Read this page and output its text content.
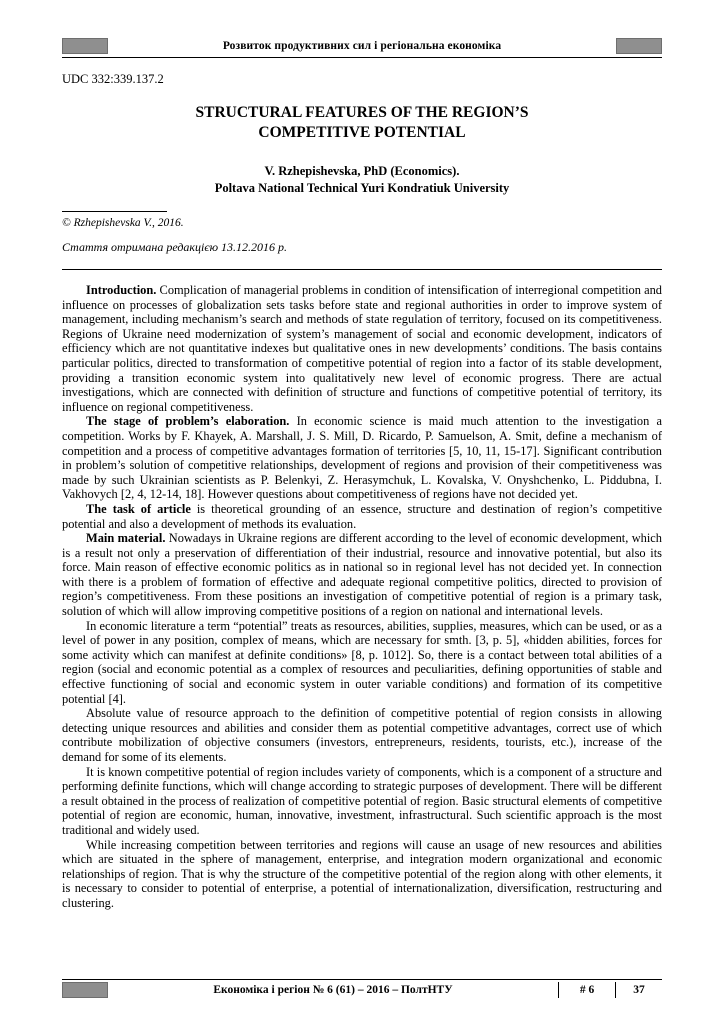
Розвиток продуктивних сил і регіональна економіка
UDC 332:339.137.2
STRUCTURAL FEATURES OF THE REGION’S
COMPETITIVE POTENTIAL
V. Rzhepishevska, PhD (Economics).
Poltava National Technical Yuri Kondratiuk University
© Rzhepishevska V., 2016.
Стаття отримана редакцією 13.12.2016 р.

Introduction. Complication of managerial problems in condition of intensification of interregional competition and influence on processes of globalization sets tasks before state and regional authorities in order to improve system of management, including mechanism’s search and methods of state regulation of territory, focused on its competitiveness. Regions of Ukraine need modernization of system’s management of social and economic development, indicators of efficiency which are not quantitative indexes but qualitative ones in new developments’ conditions. The basis contains particular politics, directed to transformation of competitive potential of region into a factor of its stable development, providing a transition economic system into qualitatively new level of economic progress. There are actual investigations, which are connected with definition of structure and functions of competitive potential of territory, its influence on regional competitiveness.

The stage of problem’s elaboration. In economic science is maid much attention to the investigation a competition. Works by F. Khayek, A. Marshall, J. S. Mill, D. Ricardo, P. Samuelson, A. Smit, define a mechanism of competition and a process of competitive advantages formation of territories [5, 10, 11, 15-17]. Significant contribution in problem’s solution of competitive relationships, development of regions and provision of their competitiveness was made by such Ukrainian scientists as P. Belenkyi, Z. Herasymchuk, L. Kovalska, V. Onyshchenko, L. Piddubna, I. Vakhovych [2, 4, 12-14, 18]. However questions about competitiveness of regions have not decided yet.

The task of article is theoretical grounding of an essence, structure and destination of region’s competitive potential and also a development of methods its evaluation.

Main material. Nowadays in Ukraine regions are different according to the level of economic development, which is a result not only a preservation of differentiation of their industrial, resource and innovative potential, but also its force. Main reason of effective economic politics as in national so in regional level has not decided yet. In connection with there is a problem of formation of effective and adequate regional competitive politics, directed to provision of region’s competitiveness. From these positions an investigation of competitive potential of region is a primary task, solution of which will allow improving competitive positions of a region on national and international levels.

In economic literature a term “potential” treats as resources, abilities, supplies, measures, which can be used, or as a level of power in any position, complex of means, which are necessary for smth. [3, p. 5], «hidden abilities, forces for some activity which can manifest at definite conditions» [8, p. 1012]. So, there is a contact between total abilities of a region (social and economic potential as a complex of resources and peculiarities, defining opportunities of stable and effective functioning of social and economic system in outer variable conditions) and formation of its competitive potential [4].

Absolute value of resource approach to the definition of competitive potential of region consists in allowing detecting unique resources and abilities and consider them as potential competitive advantages, correct use of which contribute mobilization of objective consumers (investors, entrepreneurs, residents, tourists, etc.), increase of the demand for some of its elements.

It is known competitive potential of region includes variety of components, which is a component of a structure and performing definite functions, which will change according to strategic purposes of development. There will be different a result obtained in the process of realization of competitive potential of region. Basic structural elements of competitive potential of region are economic, human, innovative, investment, infrastructural. Such scientific approach is the most traditional and widely used.

While increasing competition between territories and regions will cause an usage of new resources and abilities which are situated in the sphere of management, enterprise, and integration modern organizational and economic relationships of region. That is why the structure of the competitive potential of the region along with other elements, it is necessary to consider to potential of enterprise, a potential of internationalization, diversification, restructuring and clustering.

Економіка і регіон № 6 (61) – 2016 – ПолтНТУ	# 6	37
